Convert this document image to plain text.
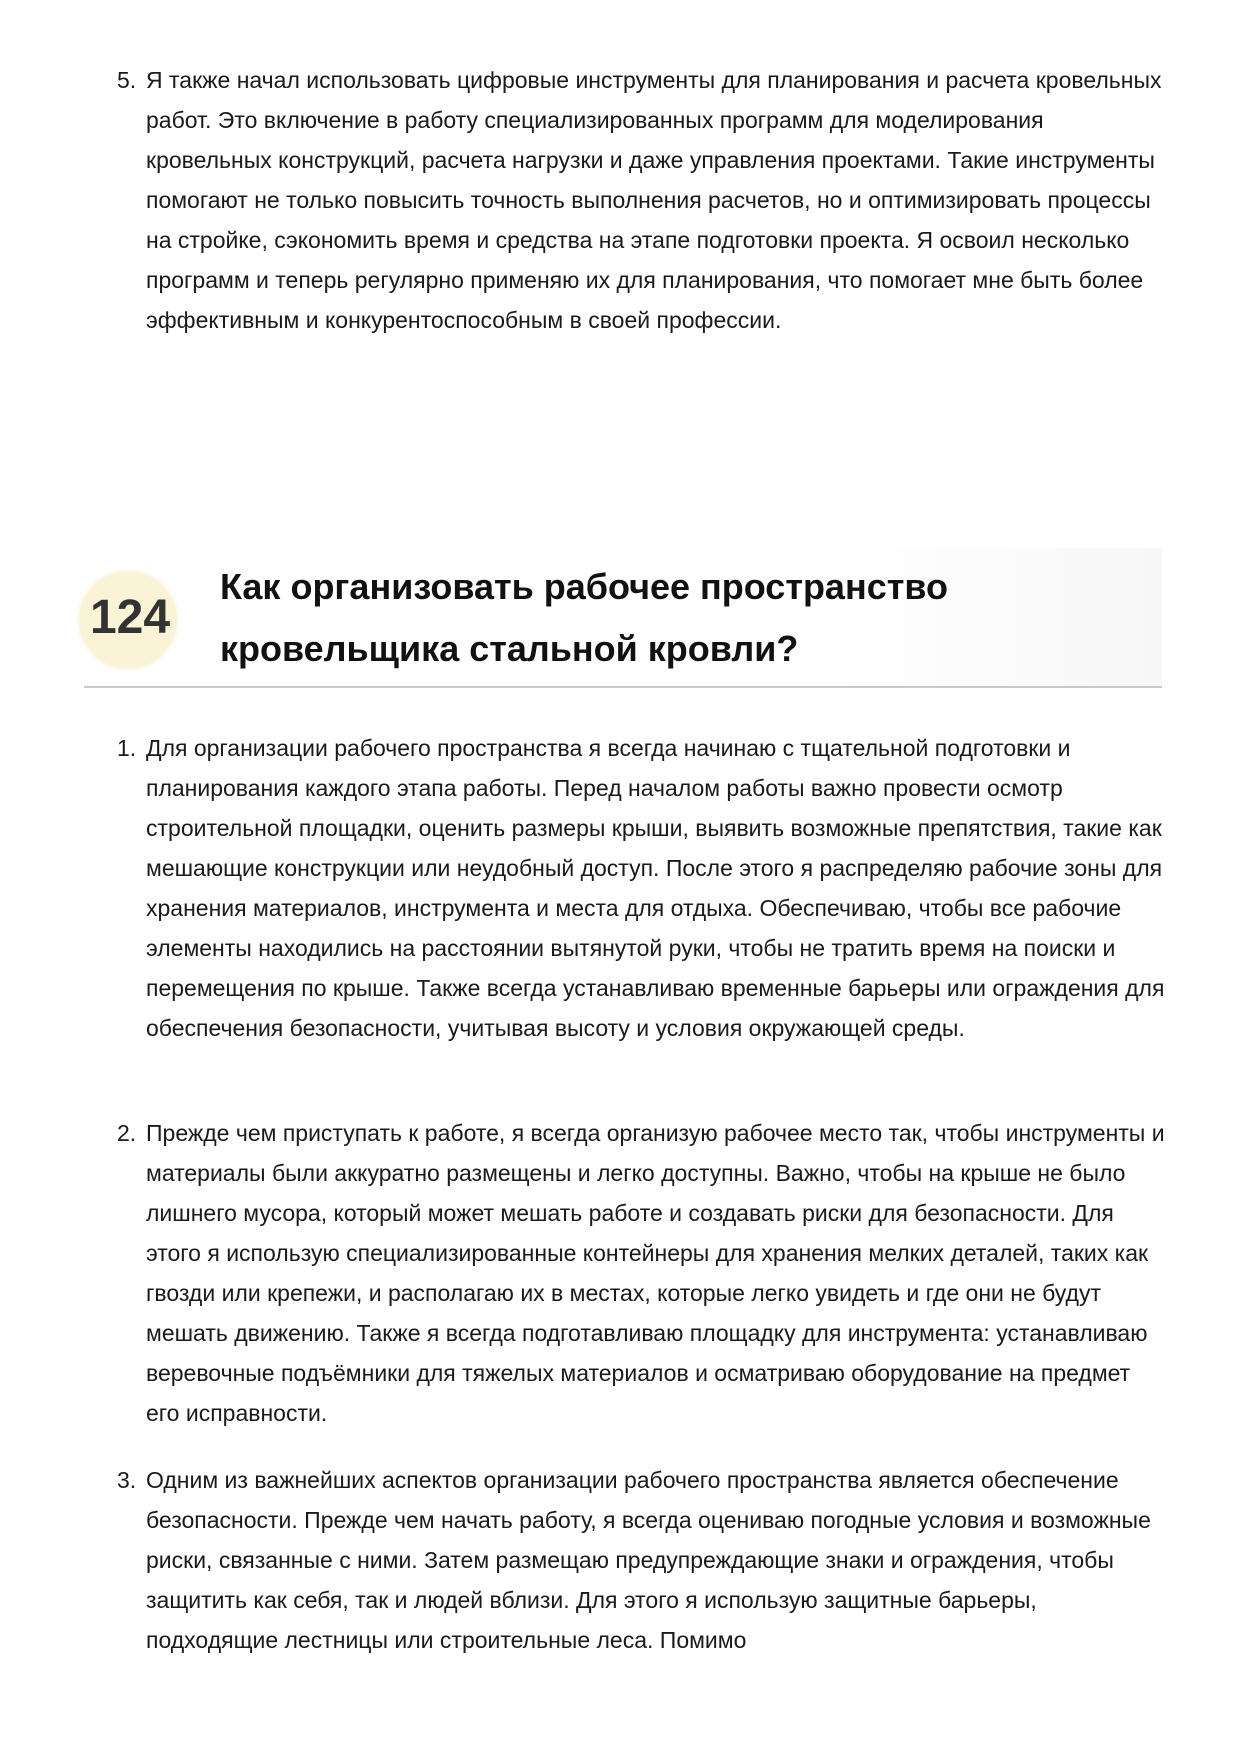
5. Я также начал использовать цифровые инструменты для планирования и расчета кровельных работ. Это включение в работу специализированных программ для моделирования кровельных конструкций, расчета нагрузки и даже управления проектами. Такие инструменты помогают не только повысить точность выполнения расчетов, но и оптимизировать процессы на стройке, сэкономить время и средства на этапе подготовки проекта. Я освоил несколько программ и теперь регулярно применяю их для планирования, что помогает мне быть более эффективным и конкурентоспособным в своей профессии.
124
Как организовать рабочее пространство кровельщика стальной кровли?
1. Для организации рабочего пространства я всегда начинаю с тщательной подготовки и планирования каждого этапа работы. Перед началом работы важно провести осмотр строительной площадки, оценить размеры крыши, выявить возможные препятствия, такие как мешающие конструкции или неудобный доступ. После этого я распределяю рабочие зоны для хранения материалов, инструмента и места для отдыха. Обеспечиваю, чтобы все рабочие элементы находились на расстоянии вытянутой руки, чтобы не тратить время на поиски и перемещения по крыше. Также всегда устанавливаю временные барьеры или ограждения для обеспечения безопасности, учитывая высоту и условия окружающей среды.
2. Прежде чем приступать к работе, я всегда организую рабочее место так, чтобы инструменты и материалы были аккуратно размещены и легко доступны. Важно, чтобы на крыше не было лишнего мусора, который может мешать работе и создавать риски для безопасности. Для этого я использую специализированные контейнеры для хранения мелких деталей, таких как гвозди или крепежи, и располагаю их в местах, которые легко увидеть и где они не будут мешать движению. Также я всегда подготавливаю площадку для инструмента: устанавливаю веревочные подъёмники для тяжелых материалов и осматриваю оборудование на предмет его исправности.
3. Одним из важнейших аспектов организации рабочего пространства является обеспечение безопасности. Прежде чем начать работу, я всегда оцениваю погодные условия и возможные риски, связанные с ними. Затем размещаю предупреждающие знаки и ограждения, чтобы защитить как себя, так и людей вблизи. Для этого я использую защитные барьеры, подходящие лестницы или строительные леса. Помимо
